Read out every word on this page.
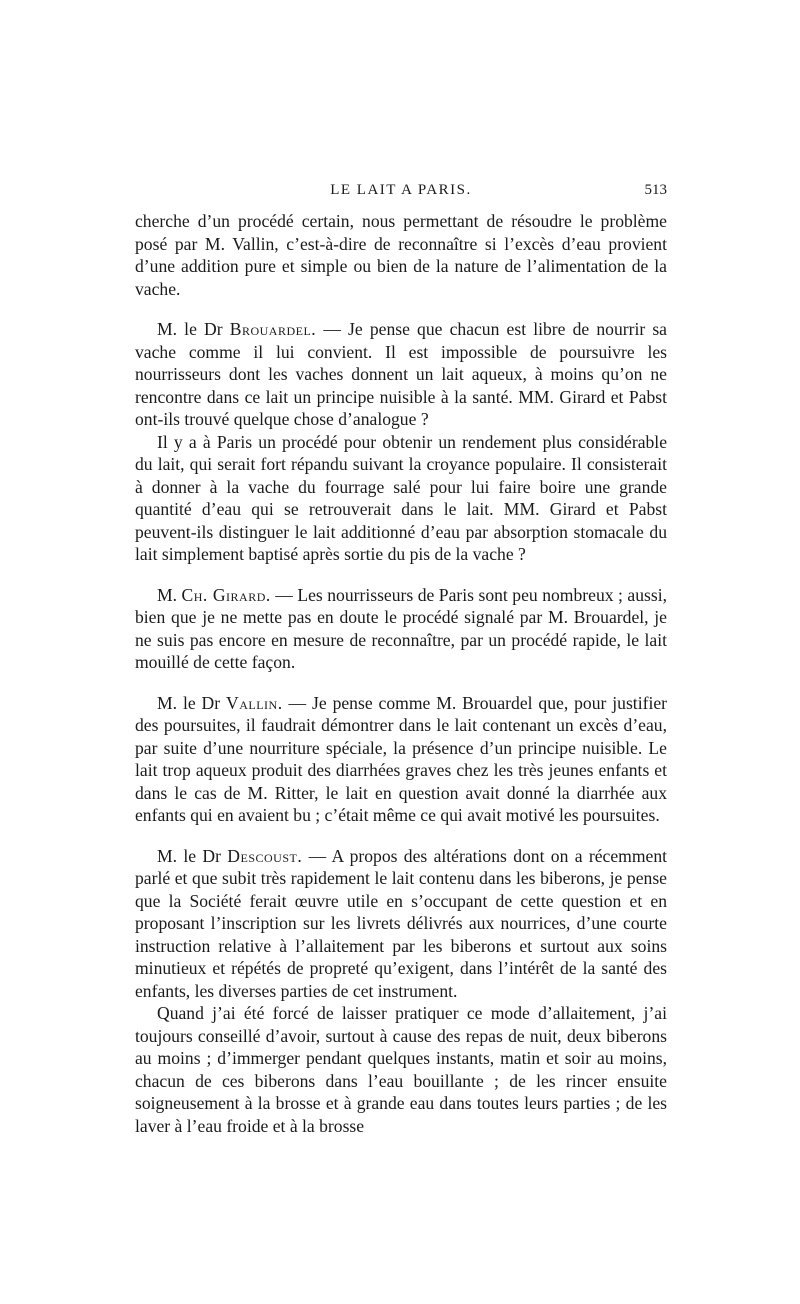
LE LAIT A PARIS.	513

cherche d’un procédé certain, nous permettant de résoudre le problème posé par M. Vallin, c’est-à-dire de reconnaître si l’excès d’eau provient d’une addition pure et simple ou bien de la nature de l’alimentation de la vache.

M. le Dr Brouardel. — Je pense que chacun est libre de nourrir sa vache comme il lui convient. Il est impossible de poursuivre les nourrisseurs dont les vaches donnent un lait aqueux, à moins qu’on ne rencontre dans ce lait un principe nuisible à la santé. MM. Girard et Pabst ont-ils trouvé quelque chose d’analogue ?

Il y a à Paris un procédé pour obtenir un rendement plus considérable du lait, qui serait fort répandu suivant la croyance populaire. Il consisterait à donner à la vache du fourrage salé pour lui faire boire une grande quantité d’eau qui se retrouverait dans le lait. MM. Girard et Pabst peuvent-ils distinguer le lait additionné d’eau par absorption stomacale du lait simplement baptisé après sortie du pis de la vache ?

M. Ch. Girard. — Les nourrisseurs de Paris sont peu nombreux ; aussi, bien que je ne mette pas en doute le procédé signalé par M. Brouardel, je ne suis pas encore en mesure de reconnaître, par un procédé rapide, le lait mouillé de cette façon.

M. le Dr Vallin. — Je pense comme M. Brouardel que, pour justifier des poursuites, il faudrait démontrer dans le lait contenant un excès d’eau, par suite d’une nourriture spéciale, la présence d’un principe nuisible. Le lait trop aqueux produit des diarrhées graves chez les très jeunes enfants et dans le cas de M. Ritter, le lait en question avait donné la diarrhée aux enfants qui en avaient bu ; c’était même ce qui avait motivé les poursuites.

M. le Dr Descoust. — A propos des altérations dont on a récemment parlé et que subit très rapidement le lait contenu dans les biberons, je pense que la Société ferait œuvre utile en s’occupant de cette question et en proposant l’inscription sur les livrets délivrés aux nourrices, d’une courte instruction relative à l’allaitement par les biberons et surtout aux soins minutieux et répétés de propreté qu’exigent, dans l’intérêt de la santé des enfants, les diverses parties de cet instrument.

Quand j’ai été forcé de laisser pratiquer ce mode d’allaitement, j’ai toujours conseillé d’avoir, surtout à cause des repas de nuit, deux biberons au moins ; d’immerger pendant quelques instants, matin et soir au moins, chacun de ces biberons dans l’eau bouillante ; de les rincer ensuite soigneusement à la brosse et à grande eau dans toutes leurs parties ; de les laver à l’eau froide et à la brosse
